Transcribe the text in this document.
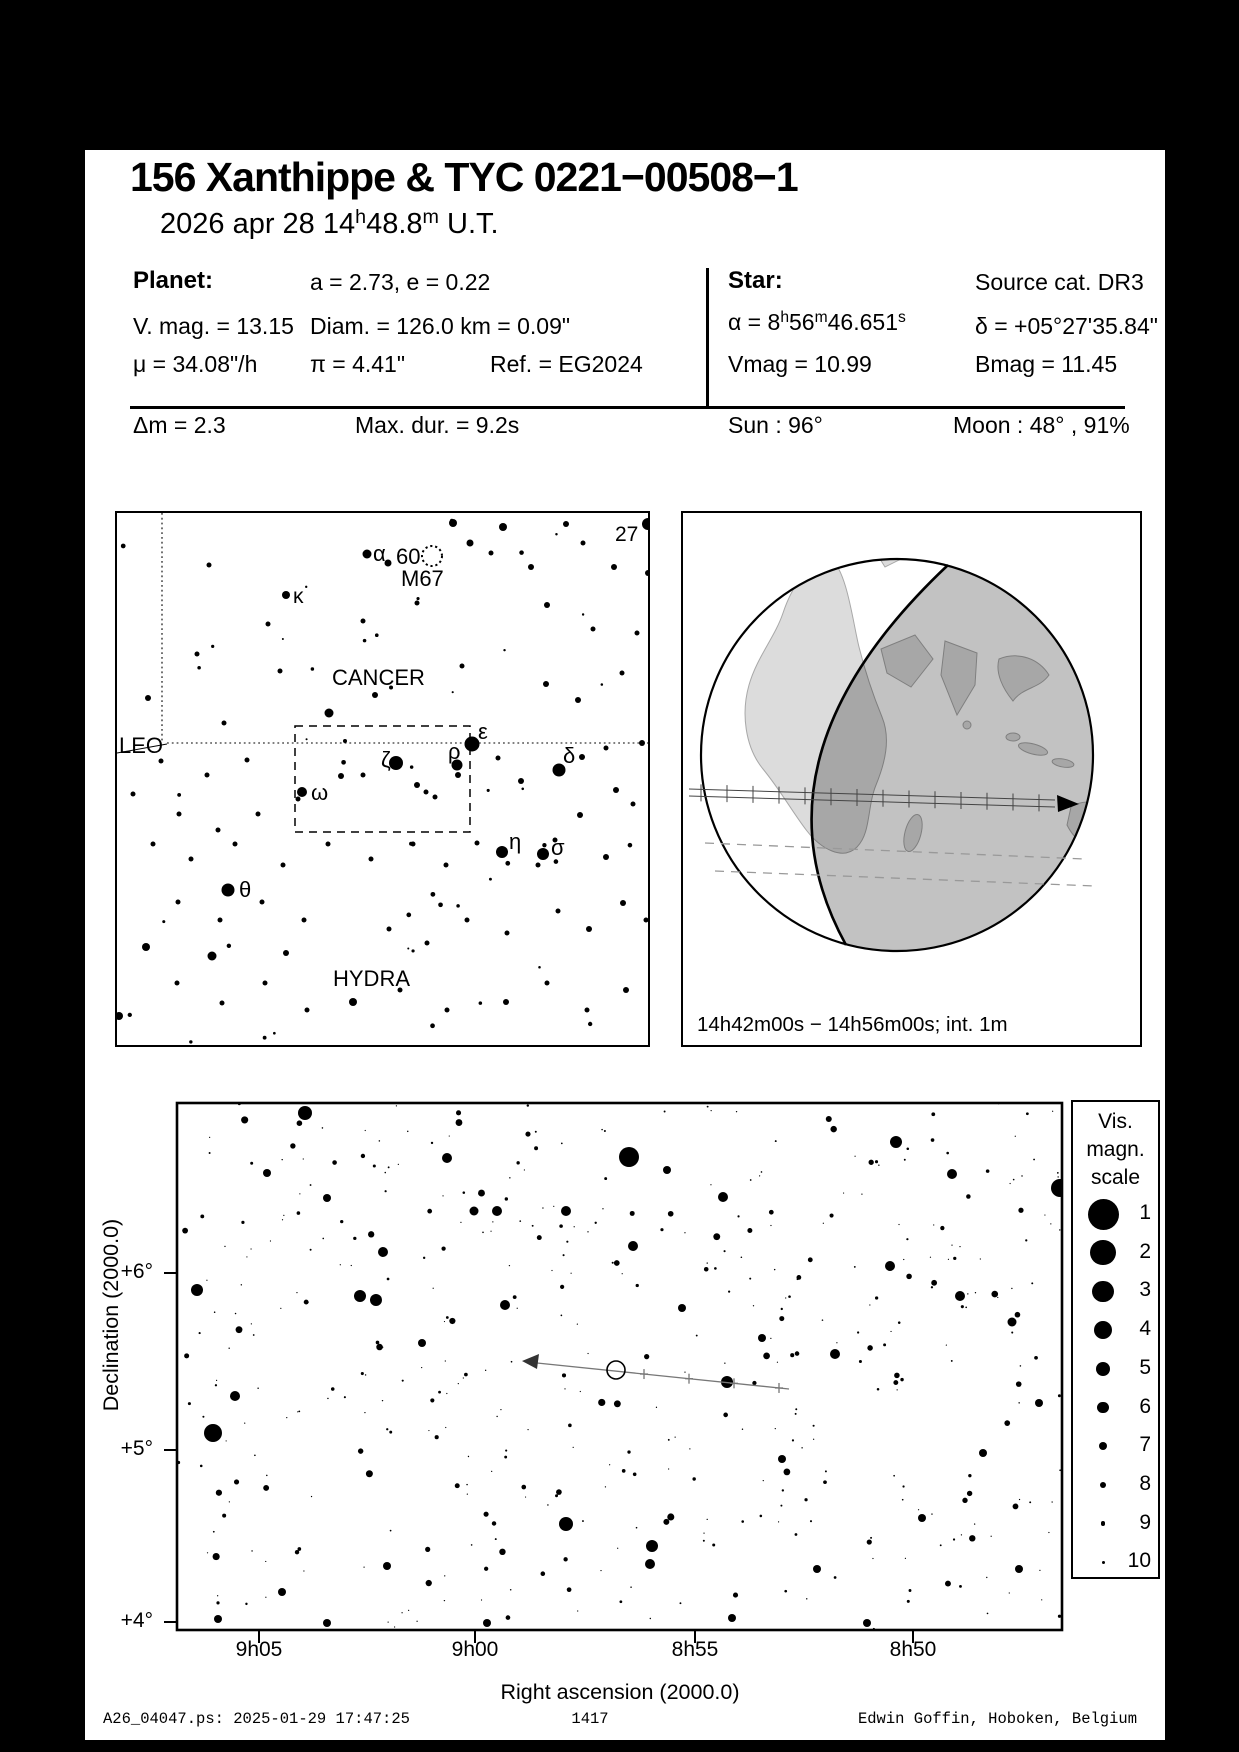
156 Xanthippe & TYC 0221−00508−1
2026 apr 28 14$^h$48.8$^m$ U.T.
Planet:	a = 2.73, e = 0.22	Star:	Source cat. DR3
V. mag. = 13.15 Diam. = 126.0 km = 0.09"	$\alpha = 8^h56^m46.651^s$	δ = +05°27'35.84"
μ = 34.08"/h π = 4.41"	Ref. = EG2024	Vmag = 10.99	Bmag = 11.45
Δm = 2.3	Max. dur. = 9.2s	Sun : 96°	Moon : 48° , 91%
α 60
M67
27
κ
CANCER
LEO
ζ	ρ
ε
δ
ω
η σ
θ
HYDRA
14h42m00s − 14h56m00s; int. 1m
9h05	9h00	8h55	8h50
+6°
+5°
+4°
Right ascension (2000.0)
Declination (2000.0)
Vis.
magn.
scale
1
2
3
4
5
6
7
8
9
10
A26_04047.ps: 2025-01-29 17:47:25	1417	Edwin Goffin, Hoboken, Belgium
